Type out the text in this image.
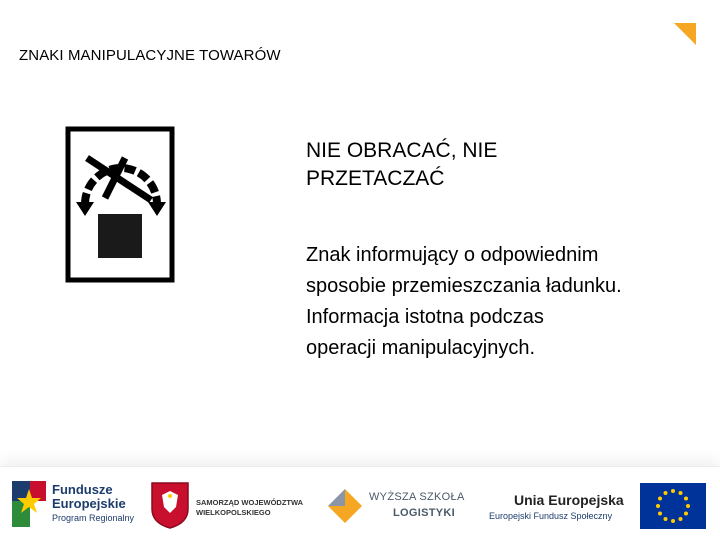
ZNAKI MANIPULACYJNE TOWARÓW
NIE OBRACAĆ, NIE
PRZETACZAĆ
Znak informujący o odpowiednim
sposobie przemieszczania ładunku.
Informacja istotna podczas
operacji manipulacyjnych.
Fundusze
Europejskie
Program Regionalny
SAMORZĄD WOJEWÓDZTWA
WIELKOPOLSKIEGO
WYŻSZA SZKOŁA
LOGISTYKI
Unia Europejska
Europejski Fundusz Społeczny
